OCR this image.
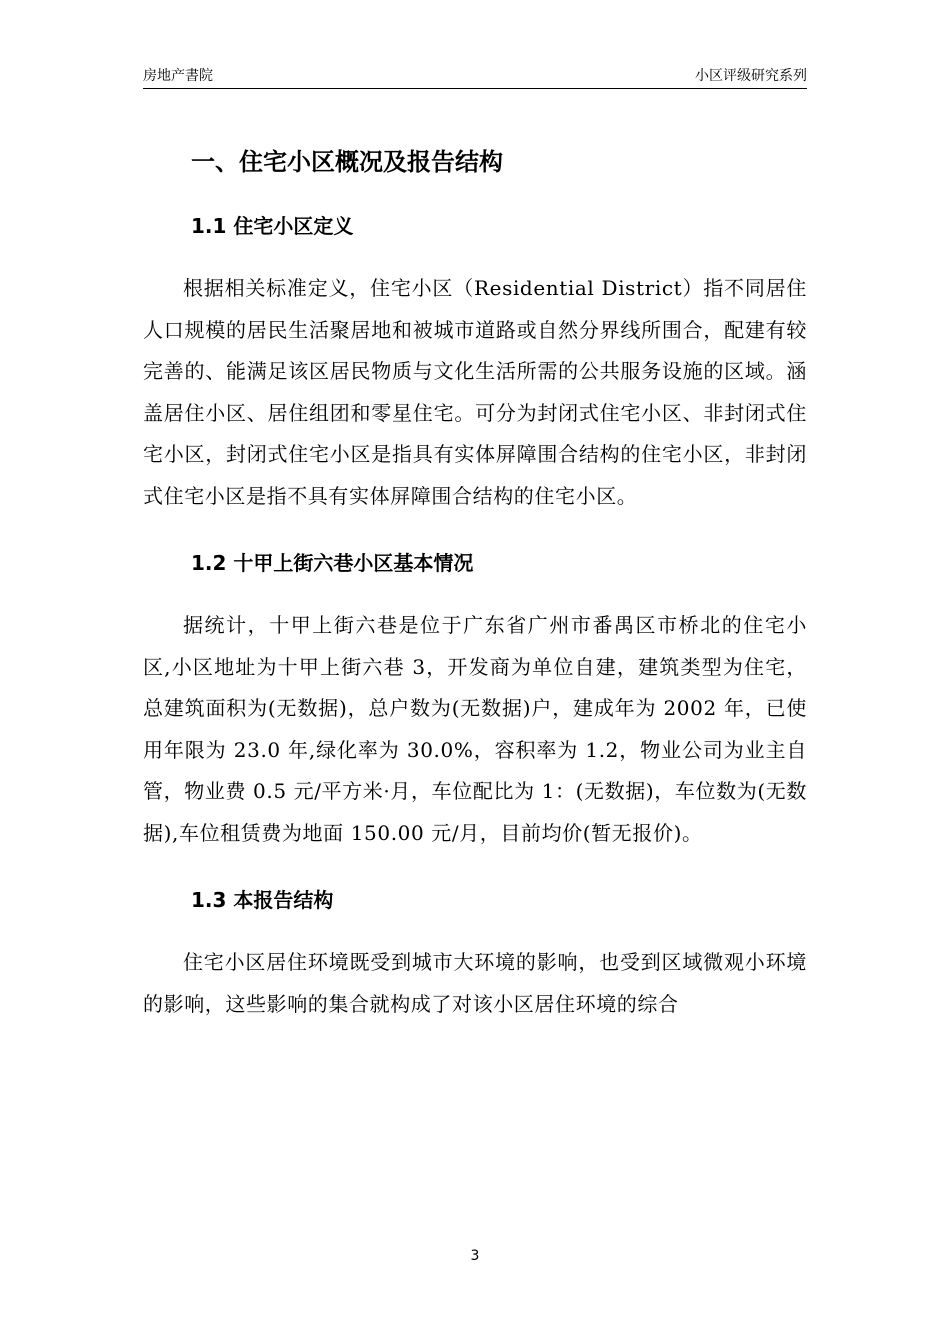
房地产書院	小区评级研究系列
一、住宅小区概况及报告结构
1.1 住宅小区定义

根据相关标准定义，住宅小区（Residential District）指不同居住人口规模的居民生活聚居地和被城市道路或自然分界线所围合，配建有较完善的、能满足该区居民物质与文化生活所需的公共服务设施的区域。涵盖居住小区、居住组团和零星住宅。可分为封闭式住宅小区、非封闭式住宅小区，封闭式住宅小区是指具有实体屏障围合结构的住宅小区，非封闭式住宅小区是指不具有实体屏障围合结构的住宅小区。

1.2 十甲上街六巷小区基本情况

据统计，十甲上街六巷是位于广东省广州市番禺区市桥北的住宅小区,小区地址为十甲上街六巷 3，开发商为单位自建，建筑类型为住宅，总建筑面积为(无数据)，总户数为(无数据)户，建成年为 2002 年，已使用年限为 23.0 年,绿化率为 30.0%，容积率为 1.2，物业公司为业主自管，物业费 0.5 元/平方米·月，车位配比为 1：(无数据)，车位数为(无数据),车位租赁费为地面 150.00 元/月，目前均价(暂无报价)。

1.3 本报告结构

住宅小区居住环境既受到城市大环境的影响，也受到区域微观小环境的影响，这些影响的集合就构成了对该小区居住环境的综合

3
